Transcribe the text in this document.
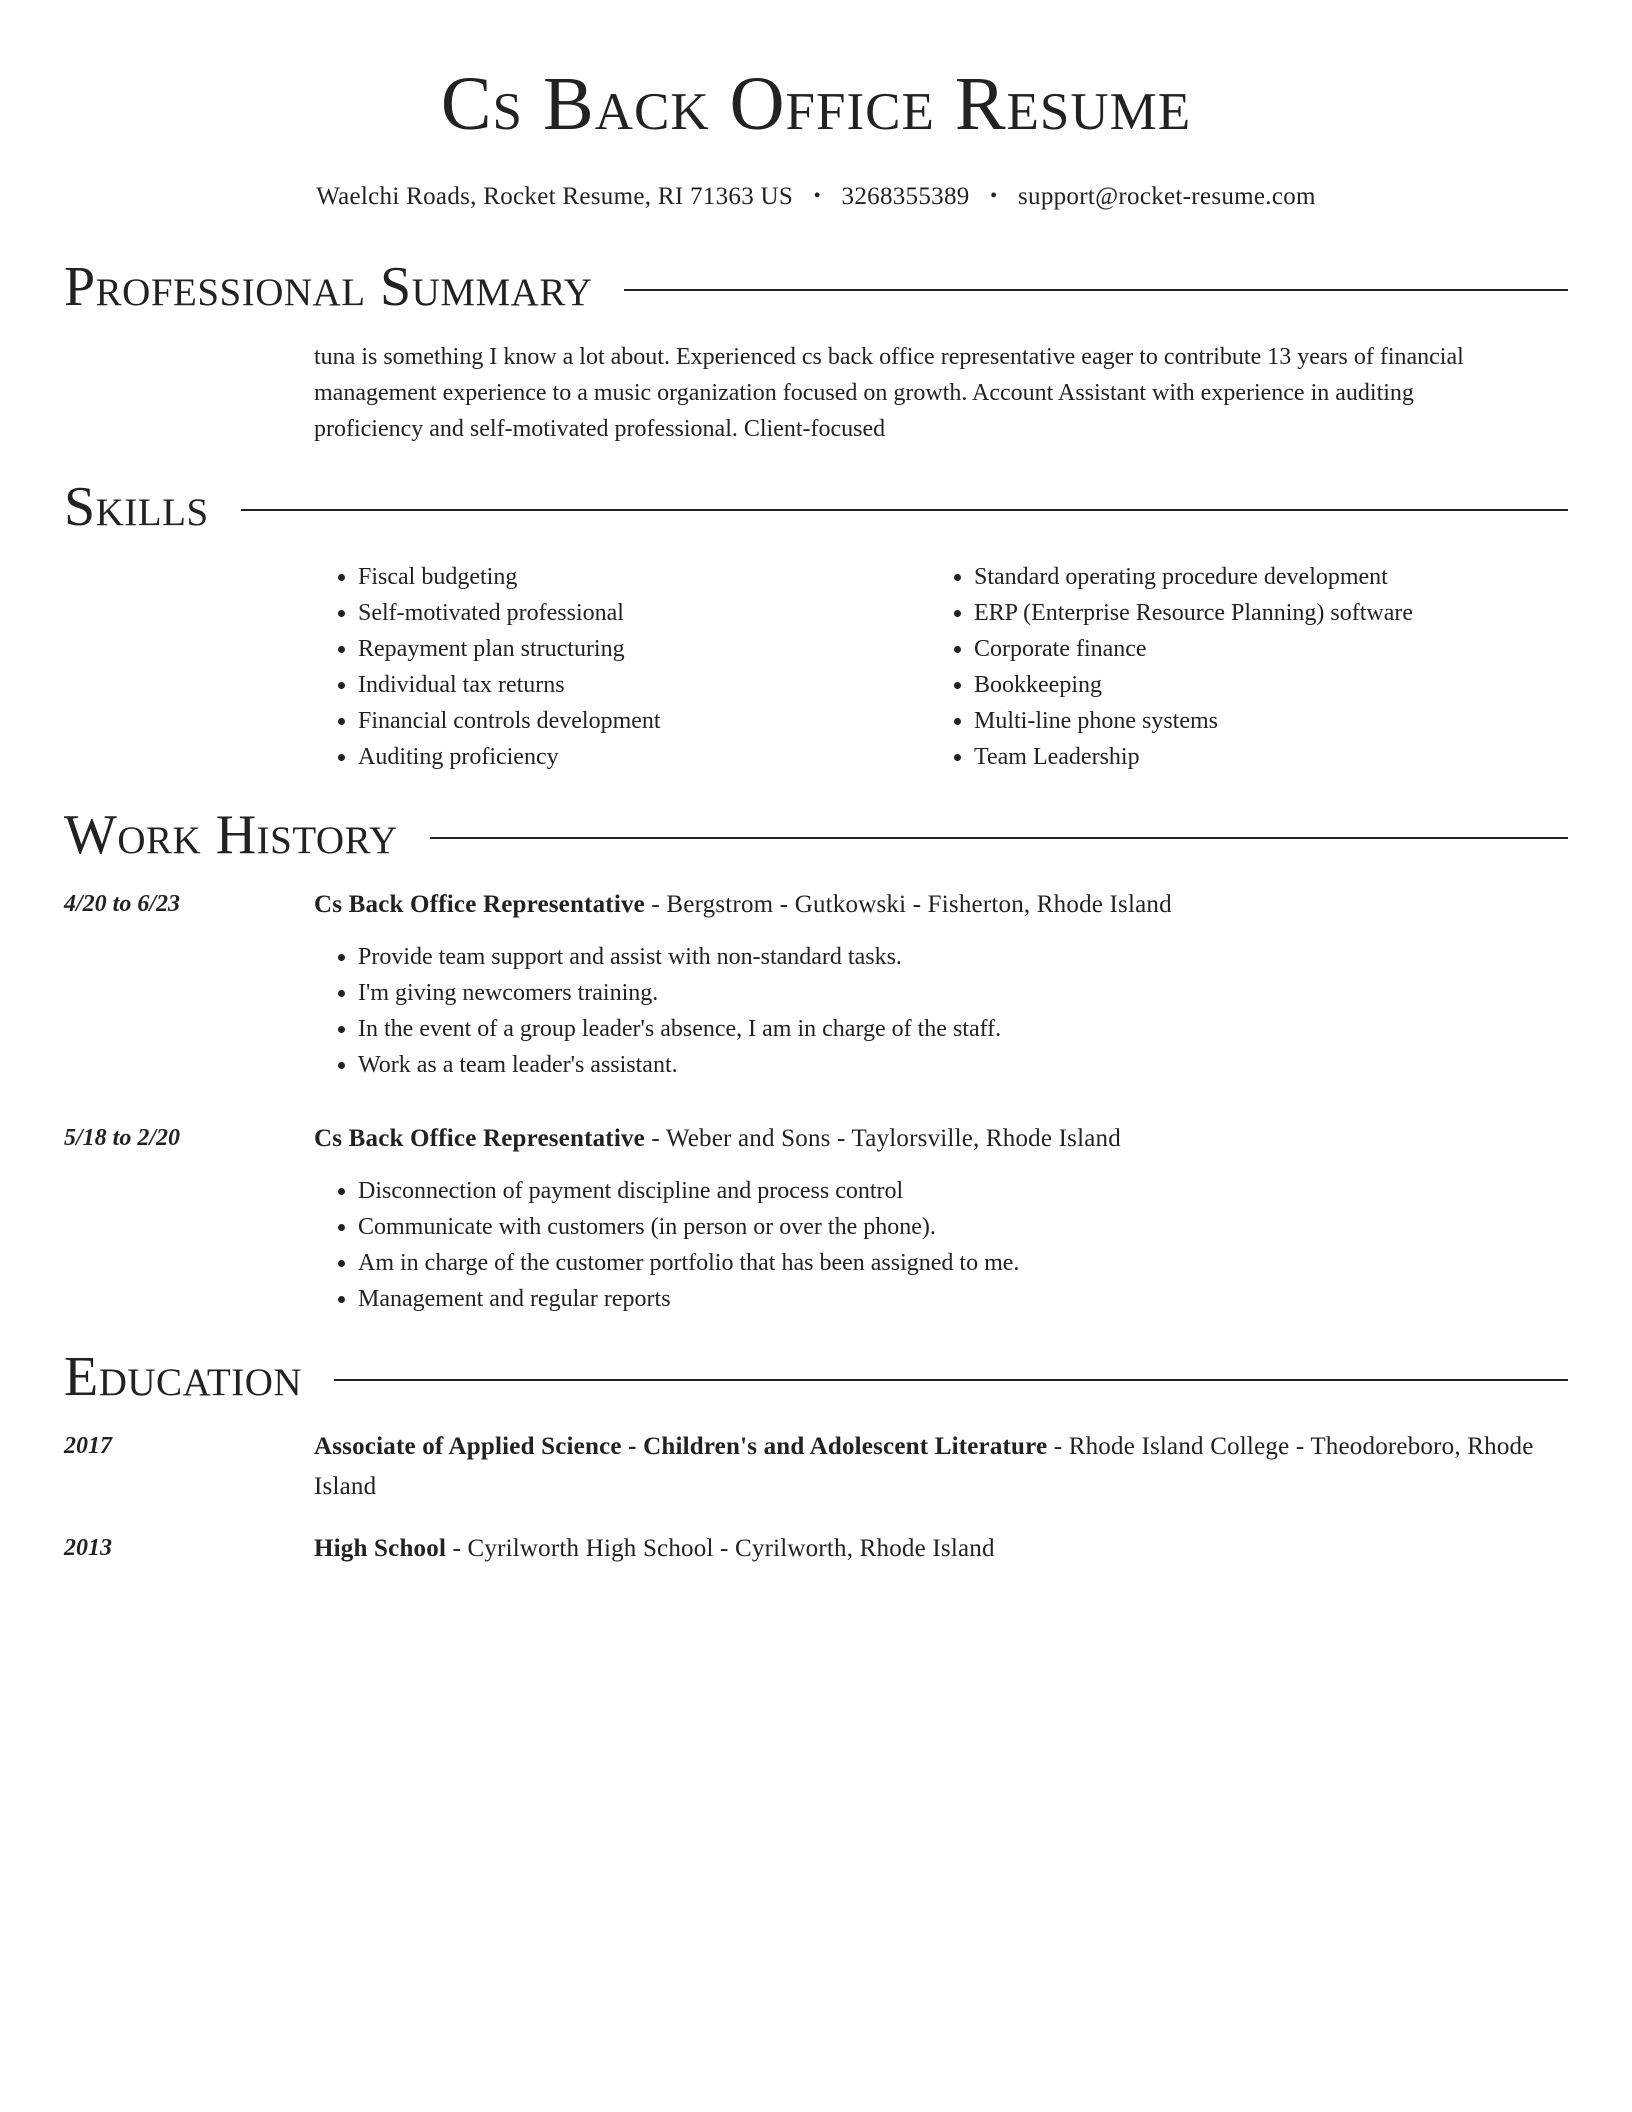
Cs Back Office Resume
Waelchi Roads, Rocket Resume, RI 71363 US • 3268355389 • support@rocket-resume.com
Professional Summary
tuna is something I know a lot about. Experienced cs back office representative eager to contribute 13 years of financial management experience to a music organization focused on growth. Account Assistant with experience in auditing proficiency and self-motivated professional. Client-focused
Skills
• Fiscal budgeting
• Self-motivated professional
• Repayment plan structuring
• Individual tax returns
• Financial controls development
• Auditing proficiency
• Standard operating procedure development
• ERP (Enterprise Resource Planning) software
• Corporate finance
• Bookkeeping
• Multi-line phone systems
• Team Leadership
Work History
4/20 to 6/23	Cs Back Office Representative - Bergstrom - Gutkowski - Fisherton, Rhode Island
• Provide team support and assist with non-standard tasks.
• I'm giving newcomers training.
• In the event of a group leader's absence, I am in charge of the staff.
• Work as a team leader's assistant.
5/18 to 2/20	Cs Back Office Representative - Weber and Sons - Taylorsville, Rhode Island
• Disconnection of payment discipline and process control
• Communicate with customers (in person or over the phone).
• Am in charge of the customer portfolio that has been assigned to me.
• Management and regular reports
Education
2017	Associate of Applied Science - Children's and Adolescent Literature - Rhode Island College - Theodoreboro, Rhode Island
2013	High School - Cyrilworth High School - Cyrilworth, Rhode Island
